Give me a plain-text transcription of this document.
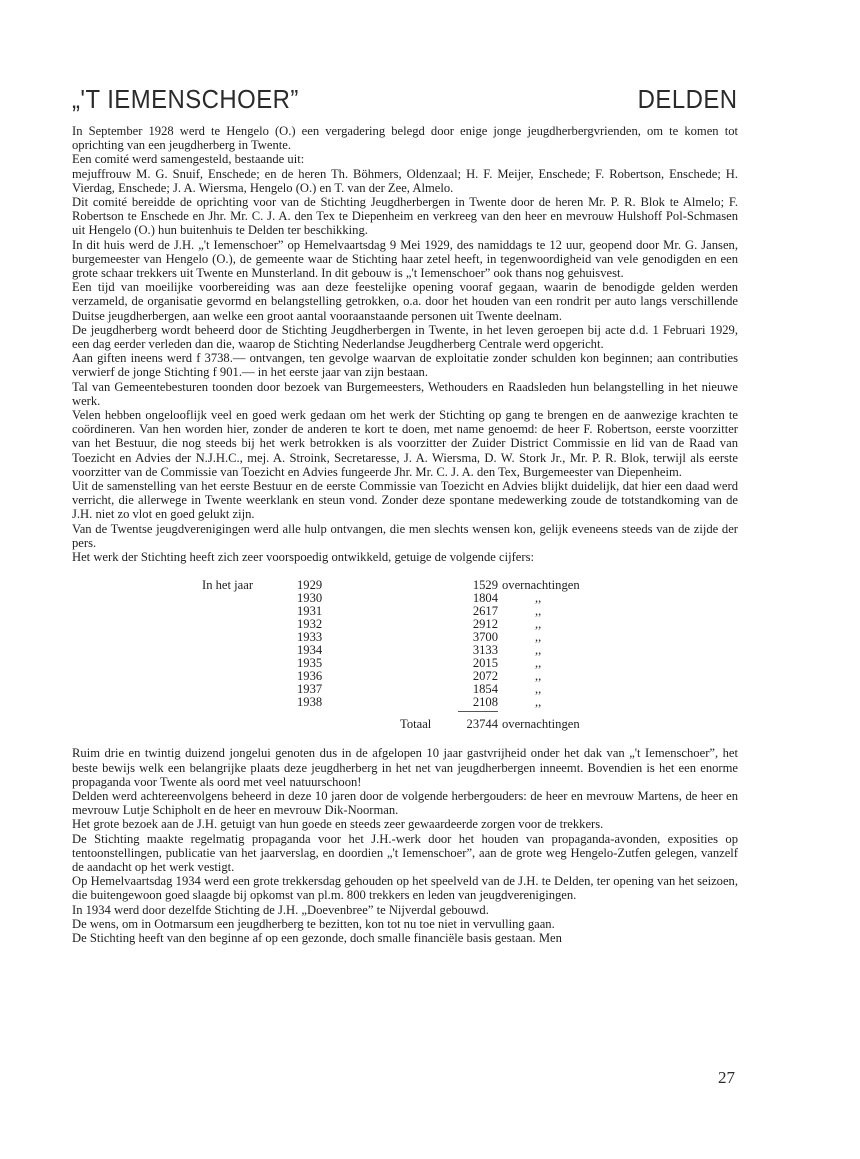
„'T IEMENSCHOER”	DELDEN

In September 1928 werd te Hengelo (O.) een vergadering belegd door enige jonge jeugdherbergvrienden, om te komen tot oprichting van een jeugdherberg in Twente.

Een comité werd samengesteld, bestaande uit:

mejuffrouw M. G. Snuif, Enschede; en de heren Th. Böhmers, Oldenzaal; H. F. Meijer, Enschede; F. Robertson, Enschede; H. Vierdag, Enschede; J. A. Wiersma, Hengelo (O.) en T. van der Zee, Almelo.

Dit comité bereidde de oprichting voor van de Stichting Jeugdherbergen in Twente door de heren Mr. P. R. Blok te Almelo; F. Robertson te Enschede en Jhr. Mr. C. J. A. den Tex te Diepenheim en verkreeg van den heer en mevrouw Hulshoff Pol-Schmasen uit Hengelo (O.) hun buitenhuis te Delden ter beschikking.

In dit huis werd de J.H. „'t Iemenschoer” op Hemelvaartsdag 9 Mei 1929, des namiddags te 12 uur, geopend door Mr. G. Jansen, burgemeester van Hengelo (O.), de gemeente waar de Stichting haar zetel heeft, in tegenwoordigheid van vele genodigden en een grote schaar trekkers uit Twente en Munsterland. In dit gebouw is „'t Iemenschoer” ook thans nog gehuisvest.

Een tijd van moeilijke voorbereiding was aan deze feestelijke opening vooraf gegaan, waarin de benodigde gelden werden verzameld, de organisatie gevormd en belangstelling getrokken, o.a. door het houden van een rondrit per auto langs verschillende Duitse jeugdherbergen, aan welke een groot aantal vooraanstaande personen uit Twente deelnam.

De jeugdherberg wordt beheerd door de Stichting Jeugdherbergen in Twente, in het leven geroepen bij acte d.d. 1 Februari 1929, een dag eerder verleden dan die, waarop de Stichting Nederlandse Jeugdherberg Centrale werd opgericht.

Aan giften ineens werd f 3738.— ontvangen, ten gevolge waarvan de exploitatie zonder schulden kon beginnen; aan contributies verwierf de jonge Stichting f 901.— in het eerste jaar van zijn bestaan.

Tal van Gemeentebesturen toonden door bezoek van Burgemeesters, Wethouders en Raadsleden hun belangstelling in het nieuwe werk.

Velen hebben ongelooflijk veel en goed werk gedaan om het werk der Stichting op gang te brengen en de aanwezige krachten te coördineren. Van hen worden hier, zonder de anderen te kort te doen, met name genoemd: de heer F. Robertson, eerste voorzitter van het Bestuur, die nog steeds bij het werk betrokken is als voorzitter der Zuider District Commissie en lid van de Raad van Toezicht en Advies der N.J.H.C., mej. A. Stroink, Secretaresse, J. A. Wiersma, D. W. Stork Jr., Mr. P. R. Blok, terwijl als eerste voorzitter van de Commissie van Toezicht en Advies fungeerde Jhr. Mr. C. J. A. den Tex, Burgemeester van Diepenheim.

Uit de samenstelling van het eerste Bestuur en de eerste Commissie van Toezicht en Advies blijkt duidelijk, dat hier een daad werd verricht, die allerwege in Twente weerklank en steun vond. Zonder deze spontane medewerking zoude de totstandkoming van de J.H. niet zo vlot en goed gelukt zijn.

Van de Twentse jeugdverenigingen werd alle hulp ontvangen, die men slechts wensen kon, gelijk eveneens steeds van de zijde der pers.

Het werk der Stichting heeft zich zeer voorspoedig ontwikkeld, getuige de volgende cijfers:

In het jaar	1929	1529 overnachtingen
1930	1804	,,
1931	2617	,,
1932	2912	,,
1933	3700	,,
1934	3133	,,
1935	2015	,,
1936	2072	,,
1937	1854	,,
1938	2108	,,
Totaal	23744 overnachtingen

Ruim drie en twintig duizend jongelui genoten dus in de afgelopen 10 jaar gastvrijheid onder het dak van „'t Iemenschoer”, het beste bewijs welk een belangrijke plaats deze jeugdherberg in het net van jeugdherbergen inneemt. Bovendien is het een enorme propaganda voor Twente als oord met veel natuurschoon!

Delden werd achtereenvolgens beheerd in deze 10 jaren door de volgende herbergouders: de heer en mevrouw Martens, de heer en mevrouw Lutje Schipholt en de heer en mevrouw Dik-Noorman.

Het grote bezoek aan de J.H. getuigt van hun goede en steeds zeer gewaardeerde zorgen voor de trekkers.

De Stichting maakte regelmatig propaganda voor het J.H.-werk door het houden van propaganda-avonden, exposities op tentoonstellingen, publicatie van het jaarverslag, en doordien „'t Iemenschoer”, aan de grote weg Hengelo-Zutfen gelegen, vanzelf de aandacht op het werk vestigt.

Op Hemelvaartsdag 1934 werd een grote trekkersdag gehouden op het speelveld van de J.H. te Delden, ter opening van het seizoen, die buitengewoon goed slaagde bij opkomst van pl.m. 800 trekkers en leden van jeugdverenigingen.

In 1934 werd door dezelfde Stichting de J.H. „Doevenbree” te Nijverdal gebouwd.

De wens, om in Ootmarsum een jeugdherberg te bezitten, kon tot nu toe niet in vervulling gaan.

De Stichting heeft van den beginne af op een gezonde, doch smalle financiële basis gestaan. Men

27
